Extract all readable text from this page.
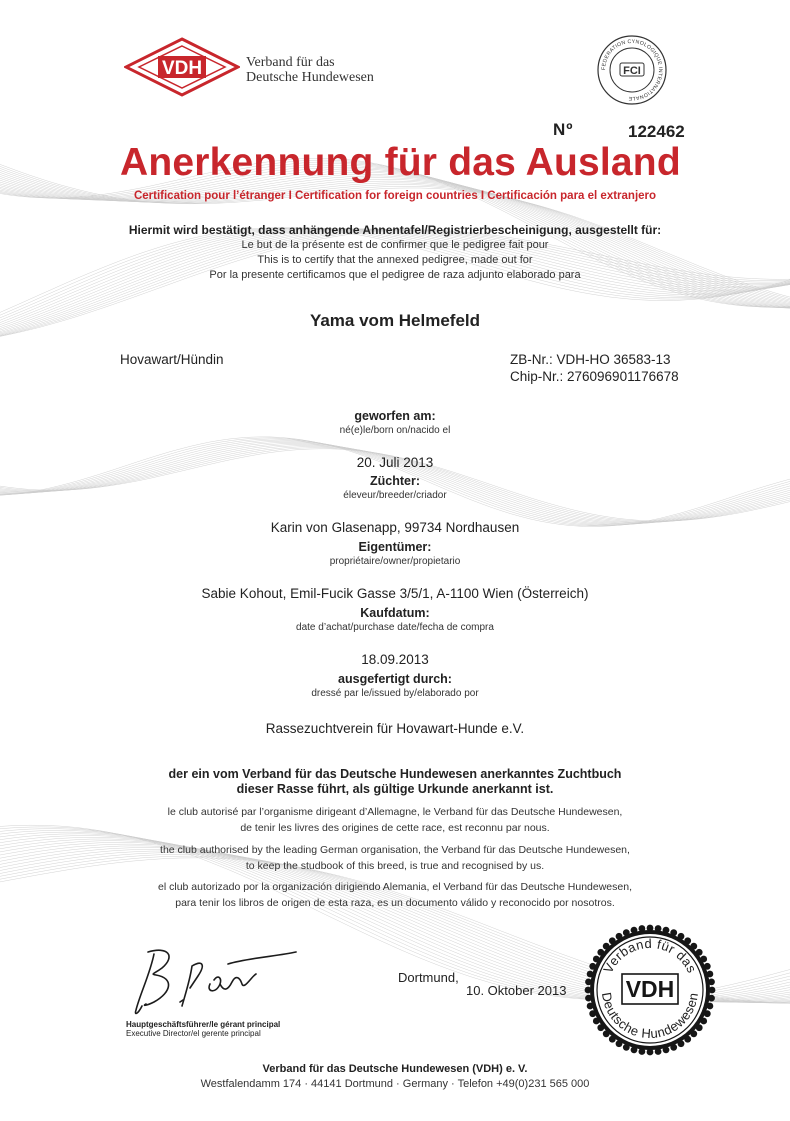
VDH	Verband für das
Deutsche Hundewesen
FEDERATION CYNOLOGIQUE INTERNATIONALE
FCI
Nº	122462
Anerkennung für das Ausland
Certification pour l’étranger I Certification for foreign countries I Certificación para el extranjero
Hiermit wird bestätigt, dass anhängende Ahnentafel/Registrierbescheinigung, ausgestellt für:
Le but de la présente est de confirmer que le pedigree fait pour
This is to certify that the annexed pedigree, made out for
Por la presente certificamos que el pedigree de raza adjunto elaborado para
Yama vom Helmefeld
Hovawart/Hündin	ZB-Nr.: VDH-HO 36583-13
Chip-Nr.: 276096901176678
geworfen am:
né(e)le/born on/nacido el
20. Juli 2013
Züchter:
éleveur/breeder/criador
Karin von Glasenapp, 99734 Nordhausen
Eigentümer:
propriétaire/owner/propietario
Sabie Kohout, Emil-Fucik Gasse 3/5/1, A-1100 Wien (Österreich)
Kaufdatum:
date d’achat/purchase date/fecha de compra
18.09.2013
ausgefertigt durch:
dressé par le/issued by/elaborado por
Rassezuchtverein für Hovawart-Hunde e.V.
der ein vom Verband für das Deutsche Hundewesen anerkanntes Zuchtbuch
dieser Rasse führt, als gültige Urkunde anerkannt ist.
le club autorisé par l’organisme dirigeant d’Allemagne, le Verband für das Deutsche Hundewesen,
de tenir les livres des origines de cette race, est reconnu par nous.
the club authorised by the leading German organisation, the Verband für das Deutsche Hundewesen,
to keep the studbook of this breed, is true and recognised by us.
el club autorizado por la organización dirigiendo Alemania, el Verband für das Deutsche Hundewesen,
para tenir los libros de origen de esta raza, es un documento válido y reconocido por nosotros.
Dortmund,
10. Oktober 2013
Hauptgeschäftsführer/le gérant principal
Executive Director/el gerente principal
Verband für das
Deutsche Hundewesen
VDH
Verband für das Deutsche Hundewesen (VDH) e. V.
Westfalendamm 174 · 44141 Dortmund · Germany · Telefon +49(0)231 565 000
